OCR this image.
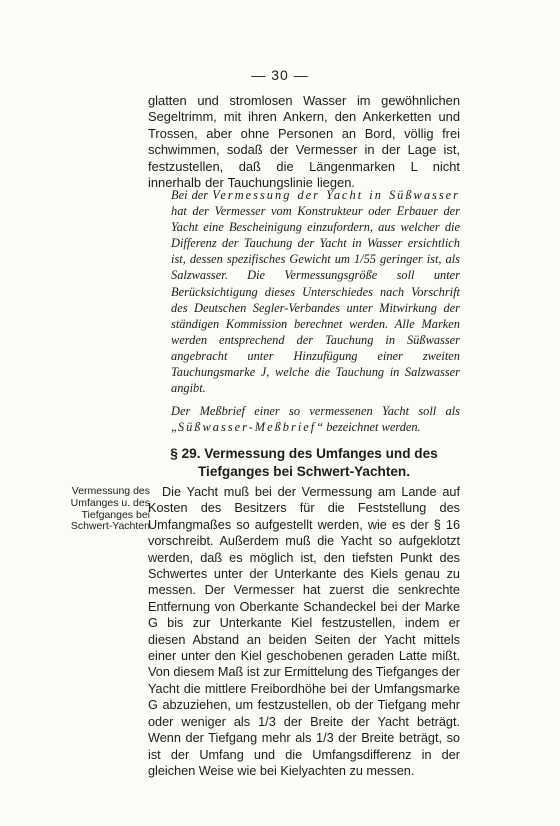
— 30 —

glatten und stromlosen Wasser im gewöhnlichen Segeltrimm, mit ihren Ankern, den Ankerketten und Trossen, aber ohne Personen an Bord, völlig frei schwimmen, sodaß der Vermesser in der Lage ist, festzustellen, daß die Längenmarken L nicht innerhalb der Tauchungslinie liegen.

Bei der Vermessung der Yacht in Süßwasser hat der Vermesser vom Konstrukteur oder Erbauer der Yacht eine Bescheinigung einzufordern, aus welcher die Differenz der Tauchung der Yacht in Wasser ersichtlich ist, dessen spezifisches Gewicht um 1/55 geringer ist, als Salzwasser. Die Vermessungsgröße soll unter Berücksichtigung dieses Unterschiedes nach Vorschrift des Deutschen Segler-Verbandes unter Mitwirkung der ständigen Kommission berechnet werden. Alle Marken werden entsprechend der Tauchung in Süßwasser angebracht unter Hinzufügung einer zweiten Tauchungsmarke J, welche die Tauchung in Salzwasser angibt.

Der Meßbrief einer so vermessenen Yacht soll als „Süßwasser-Meßbrief“ bezeichnet werden.

§ 29. Vermessung des Umfanges und des
Tiefganges bei Schwert-Yachten.
Vermessung des Umfanges u. des Tiefganges bei Schwert-Yachten

Die Yacht muß bei der Vermessung am Lande auf Kosten des Besitzers für die Feststellung des Umfangmaßes so aufgestellt werden, wie es der § 16 vorschreibt. Außerdem muß die Yacht so aufgeklotzt werden, daß es möglich ist, den tiefsten Punkt des Schwertes unter der Unterkante des Kiels genau zu messen. Der Vermesser hat zuerst die senkrechte Entfernung von Oberkante Schandeckel bei der Marke G bis zur Unterkante Kiel festzustellen, indem er diesen Abstand an beiden Seiten der Yacht mittels einer unter den Kiel geschobenen geraden Latte mißt. Von diesem Maß ist zur Ermittelung des Tiefganges der Yacht die mittlere Freibordhöhe bei der Umfangsmarke G abzuziehen, um festzustellen, ob der Tiefgang mehr oder weniger als 1/3 der Breite der Yacht beträgt. Wenn der Tiefgang mehr als 1/3 der Breite beträgt, so ist der Umfang und die Umfangsdifferenz in der gleichen Weise wie bei Kielyachten zu messen.
